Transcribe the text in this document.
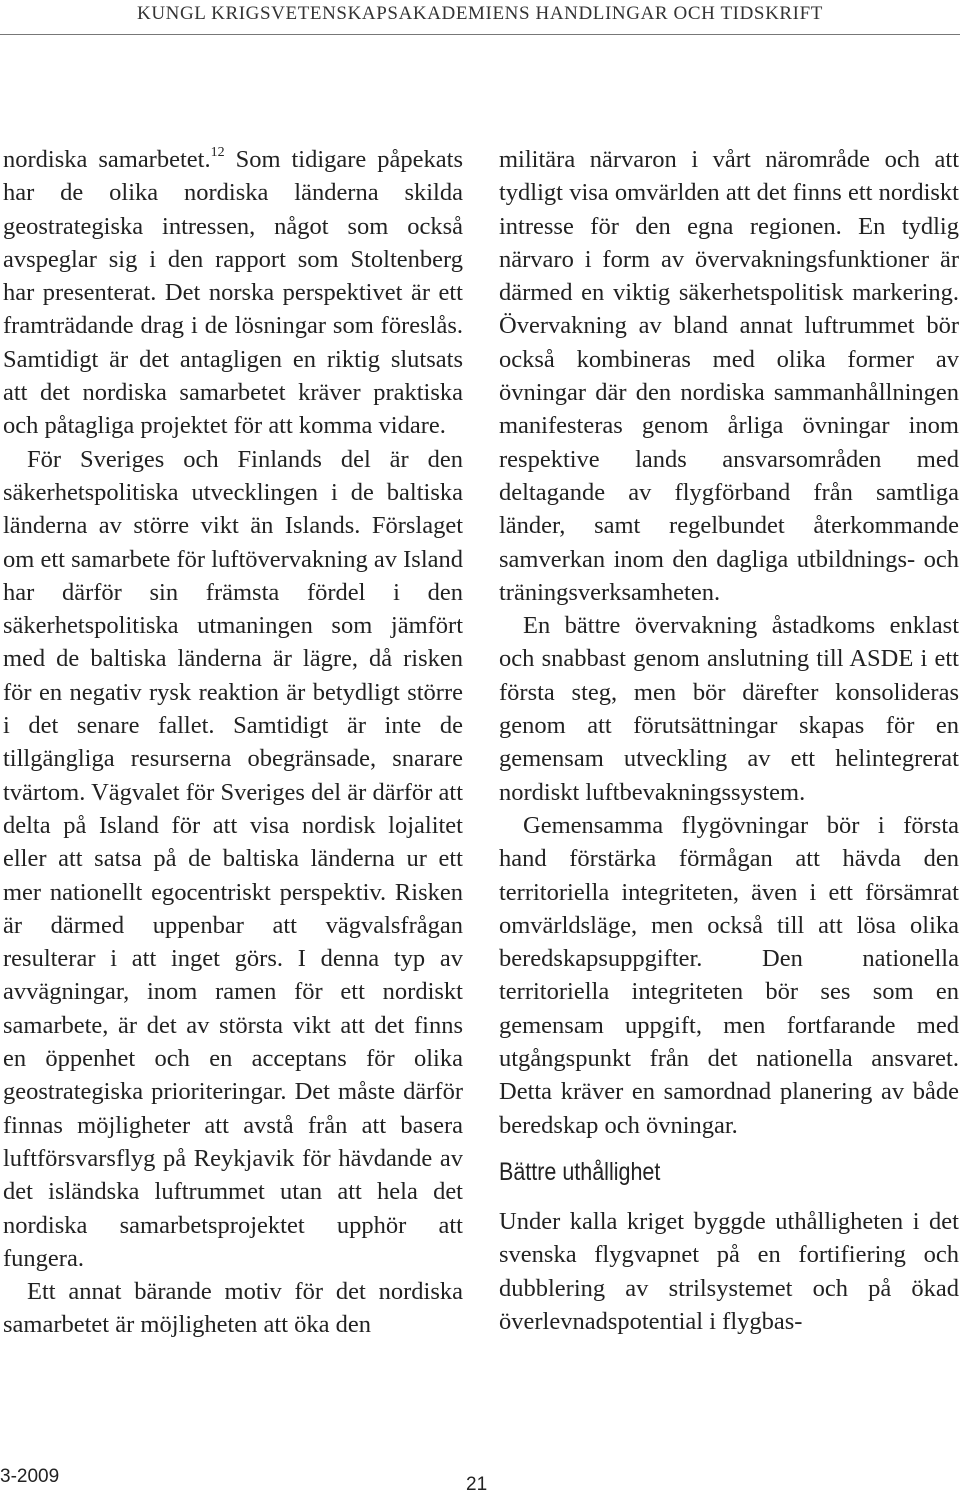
KUNGL KRIGSVETENSKAPSAKADEMIENS HANDLINGAR OCH TIDSKRIFT

nordiska samarbetet.$^{12}$ Som tidigare påpekats har de olika nordiska länderna skilda geostrategiska intressen, något som också avspeglar sig i den rapport som Stoltenberg har presenterat. Det norska perspektivet är ett framträdande drag i de lösningar som föreslås. Samtidigt är det antagligen en riktig slutsats att det nordiska samarbetet kräver praktiska och påtagliga projektet för att komma vidare.

För Sveriges och Finlands del är den säkerhetspolitiska utvecklingen i de baltiska länderna av större vikt än Islands. Förslaget om ett samarbete för luftövervakning av Island har därför sin främsta fördel i den säkerhetspolitiska utmaningen som jämfört med de baltiska länderna är lägre, då risken för en negativ rysk reaktion är betydligt större i det senare fallet. Samtidigt är inte de tillgängliga resurserna obegränsade, snarare tvärtom. Vägvalet för Sveriges del är därför att delta på Island för att visa nordisk lojalitet eller att satsa på de baltiska länderna ur ett mer nationellt egocentriskt perspektiv. Risken är därmed uppenbar att vägvalsfrågan resulterar i att inget görs. I denna typ av avvägningar, inom ramen för ett nordiskt samarbete, är det av största vikt att det finns en öppenhet och en acceptans för olika geostrategiska prioriteringar. Det måste därför finnas möjligheter att avstå från att basera luftförsvarsflyg på Reykjavik för hävdande av det isländska luftrummet utan att hela det nordiska samarbetsprojektet upphör att fungera.

Ett annat bärande motiv för det nordiska samarbetet är möjligheten att öka den

militära närvaron i vårt närområde och att tydligt visa omvärlden att det finns ett nordiskt intresse för den egna regionen. En tydlig närvaro i form av övervakningsfunktioner är därmed en viktig säkerhetspolitisk markering. Övervakning av bland annat luftrummet bör också kombineras med olika former av övningar där den nordiska sammanhållningen manifesteras genom årliga övningar inom respektive lands ansvarsområden med deltagande av flygförband från samtliga länder, samt regelbundet återkommande samverkan inom den dagliga utbildnings- och träningsverksamheten.

En bättre övervakning åstadkoms enklast och snabbast genom anslutning till ASDE i ett första steg, men bör därefter konsolideras genom att förutsättningar skapas för en gemensam utveckling av ett helintegrerat nordiskt luftbevakningssystem.

Gemensamma flygövningar bör i första hand förstärka förmågan att hävda den territoriella integriteten, även i ett försämrat omvärldsläge, men också till att lösa olika beredskapsuppgifter. Den nationella territoriella integriteten bör ses som en gemensam uppgift, men fortfarande med utgångspunkt från det nationella ansvaret. Detta kräver en samordnad planering av både beredskap och övningar.

Bättre uthållighet

Under kalla kriget byggde uthålligheten i det svenska flygvapnet på en fortifiering och dubblering av strilsystemet och på ökad överlevnadspotential i flygbas-

3-2009	21
